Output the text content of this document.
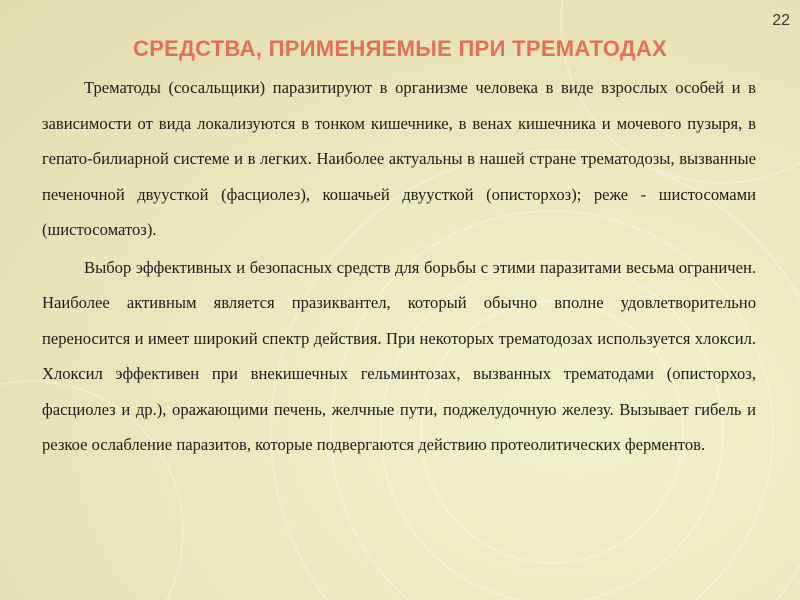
22
СРЕДСТВА, ПРИМЕНЯЕМЫЕ ПРИ ТРЕМАТОДАХ

Трематоды (сосальщики) паразитируют в организме человека в виде взрослых особей и в зависимости от вида локализуются в тонком кишечнике, в венах кишечника и мочевого пузыря, в гепато-билиарной системе и в легких. Наиболее актуальны в нашей стране трематодозы, вызванные печеночной двуусткой (фасциолез), кошачьей двуусткой (описторхоз); реже - шистосомами (шистосоматоз).

Выбор эффективных и безопасных средств для борьбы с этими паразитами весьма ограничен. Наиболее активным является празиквантел, который обычно вполне удовлетворительно переносится и имеет широкий спектр действия. При некоторых трематодозах используется хлоксил. Хлоксил эффективен при внекишечных гельминтозах, вызванных трематодами (описторхоз, фасциолез и др.), оражающими печень, желчные пути, поджелудочную железу. Вызывает гибель и резкое ослабление паразитов, которые подвергаются действию протеолитических ферментов.
